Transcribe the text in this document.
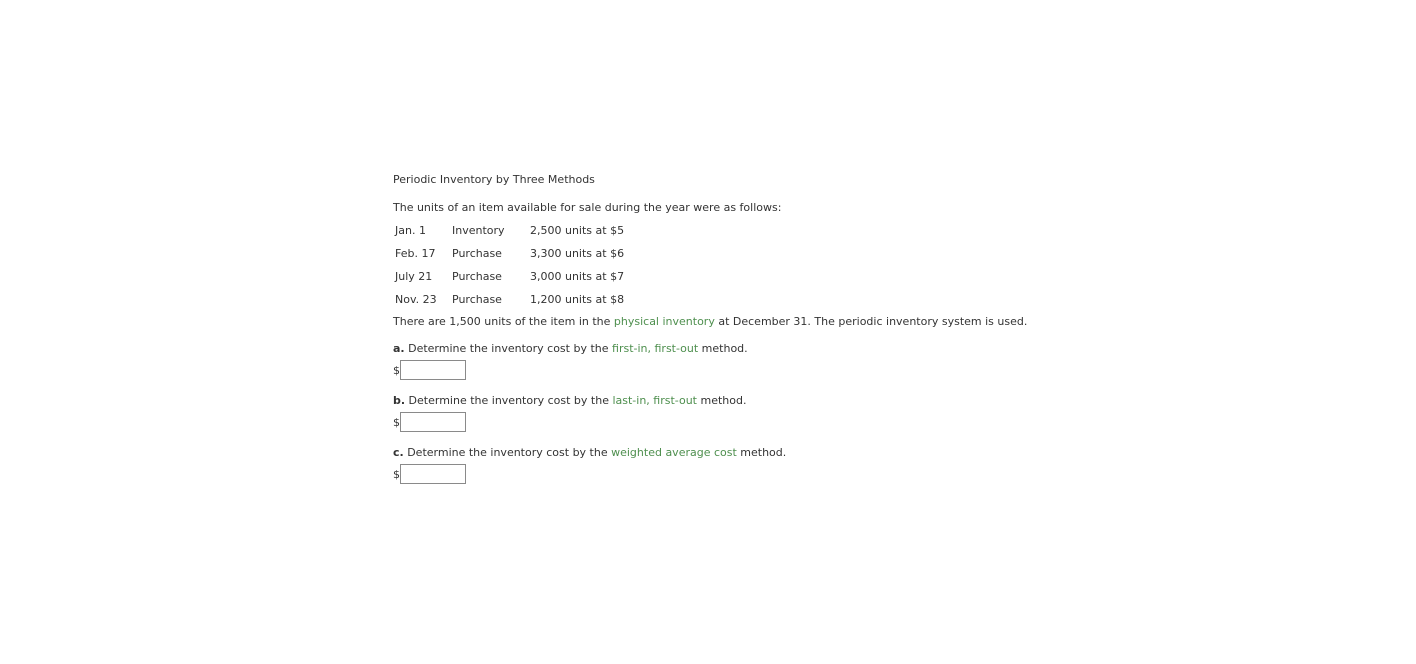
Periodic Inventory by Three Methods

The units of an item available for sale during the year were as follows:

Jan. 1	Inventory	2,500 units at $5
Feb. 17	Purchase	3,300 units at $6
July 21	Purchase	3,000 units at $7
Nov. 23	Purchase	1,200 units at $8

There are 1,500 units of the item in the physical inventory at December 31. The periodic inventory system is used.

a. Determine the inventory cost by the first-in, first-out method.

$

b. Determine the inventory cost by the last-in, first-out method.

$

c. Determine the inventory cost by the weighted average cost method.

$
